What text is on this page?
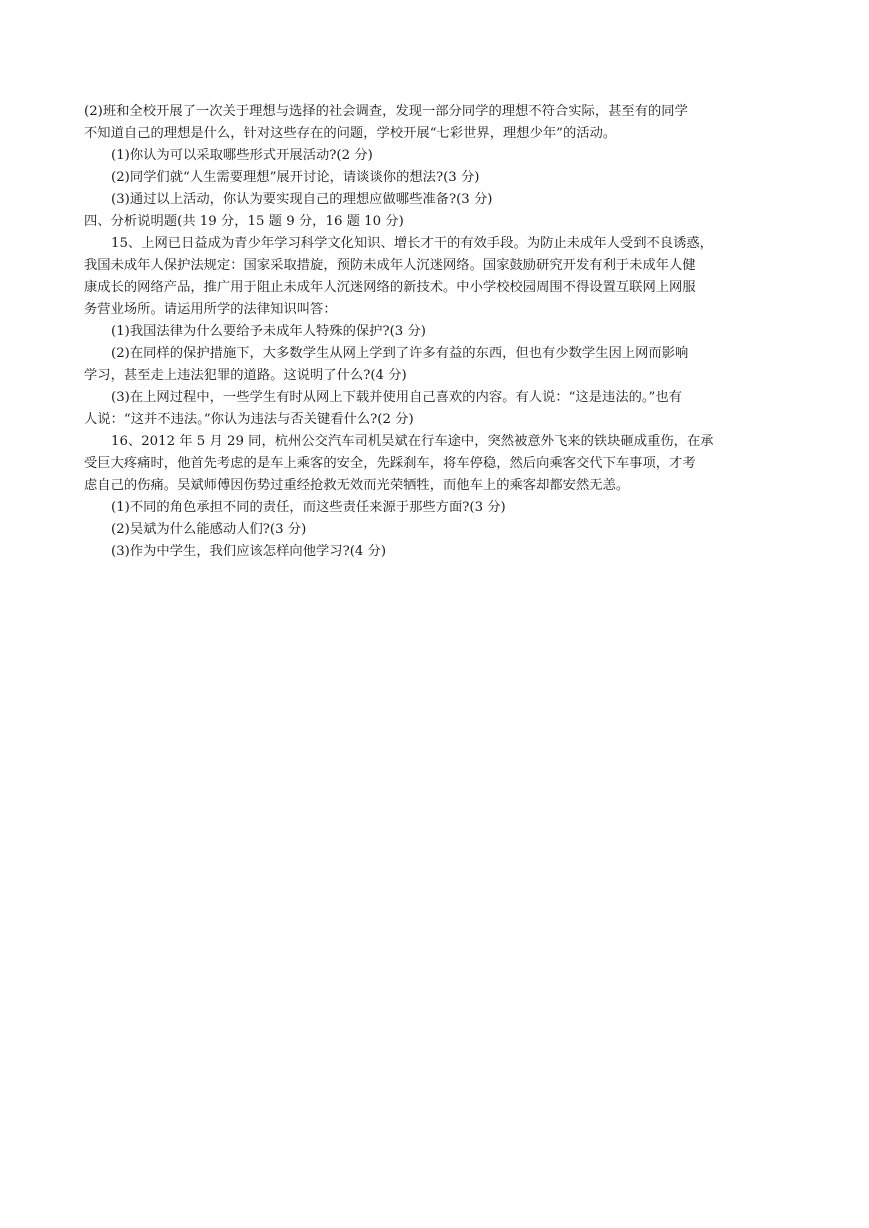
(2)班和全校开展了一次关于理想与选择的社会调查，发现一部分同学的理想不符合实际，甚至有的同学
不知道自己的理想是什么，针对这些存在的问题，学校开展“七彩世界，理想少年”的活动。
(1)你认为可以采取哪些形式开展活动?(2 分)
(2)同学们就“人生需要理想”展开讨论，请谈谈你的想法?(3 分)
(3)通过以上活动，你认为要实现自己的理想应做哪些准备?(3 分)
四、分析说明题(共 19 分，15 题 9 分，16 题 10 分)
15、上网已日益成为青少年学习科学文化知识、增长才干的有效手段。为防止未成年人受到不良诱惑，
我国未成年人保护法规定：国家采取措旋，预防未成年人沉迷网络。国家鼓励研究开发有利于未成年人健
康成长的网络产品，推广用于阻止未成年人沉迷网络的新技术。中小学校校园周围不得设置互联网上网服
务营业场所。请运用所学的法律知识叫答：
(1)我国法律为什么要给予未成年人特殊的保护?(3 分)
(2)在同样的保护措施下，大多数学生从网上学到了许多有益的东西，但也有少数学生因上网而影响
学习，甚至走上违法犯罪的道路。这说明了什么?(4 分)
(3)在上网过程中，一些学生有时从网上下载并使用自己喜欢的内容。有人说：“这是违法的。”也有
人说：“这并不违法。”你认为违法与否关键看什么?(2 分)
16、2012 年 5 月 29 同，杭州公交汽车司机吴斌在行车途中，突然被意外飞来的铁块砸成重伤，在承
受巨大疼痛时，他首先考虑的是车上乘客的安全，先踩刹车，将车停稳，然后向乘客交代下车事项，才考
虑自己的伤痛。吴斌师傅因伤势过重经抢救无效而光荣牺牲，而他车上的乘客却都安然无恙。
(1)不同的角色承担不同的责任，而这些责任来源于那些方面?(3 分)
(2)吴斌为什么能感动人们?(3 分)
(3)作为中学生，我们应该怎样向他学习?(4 分)
